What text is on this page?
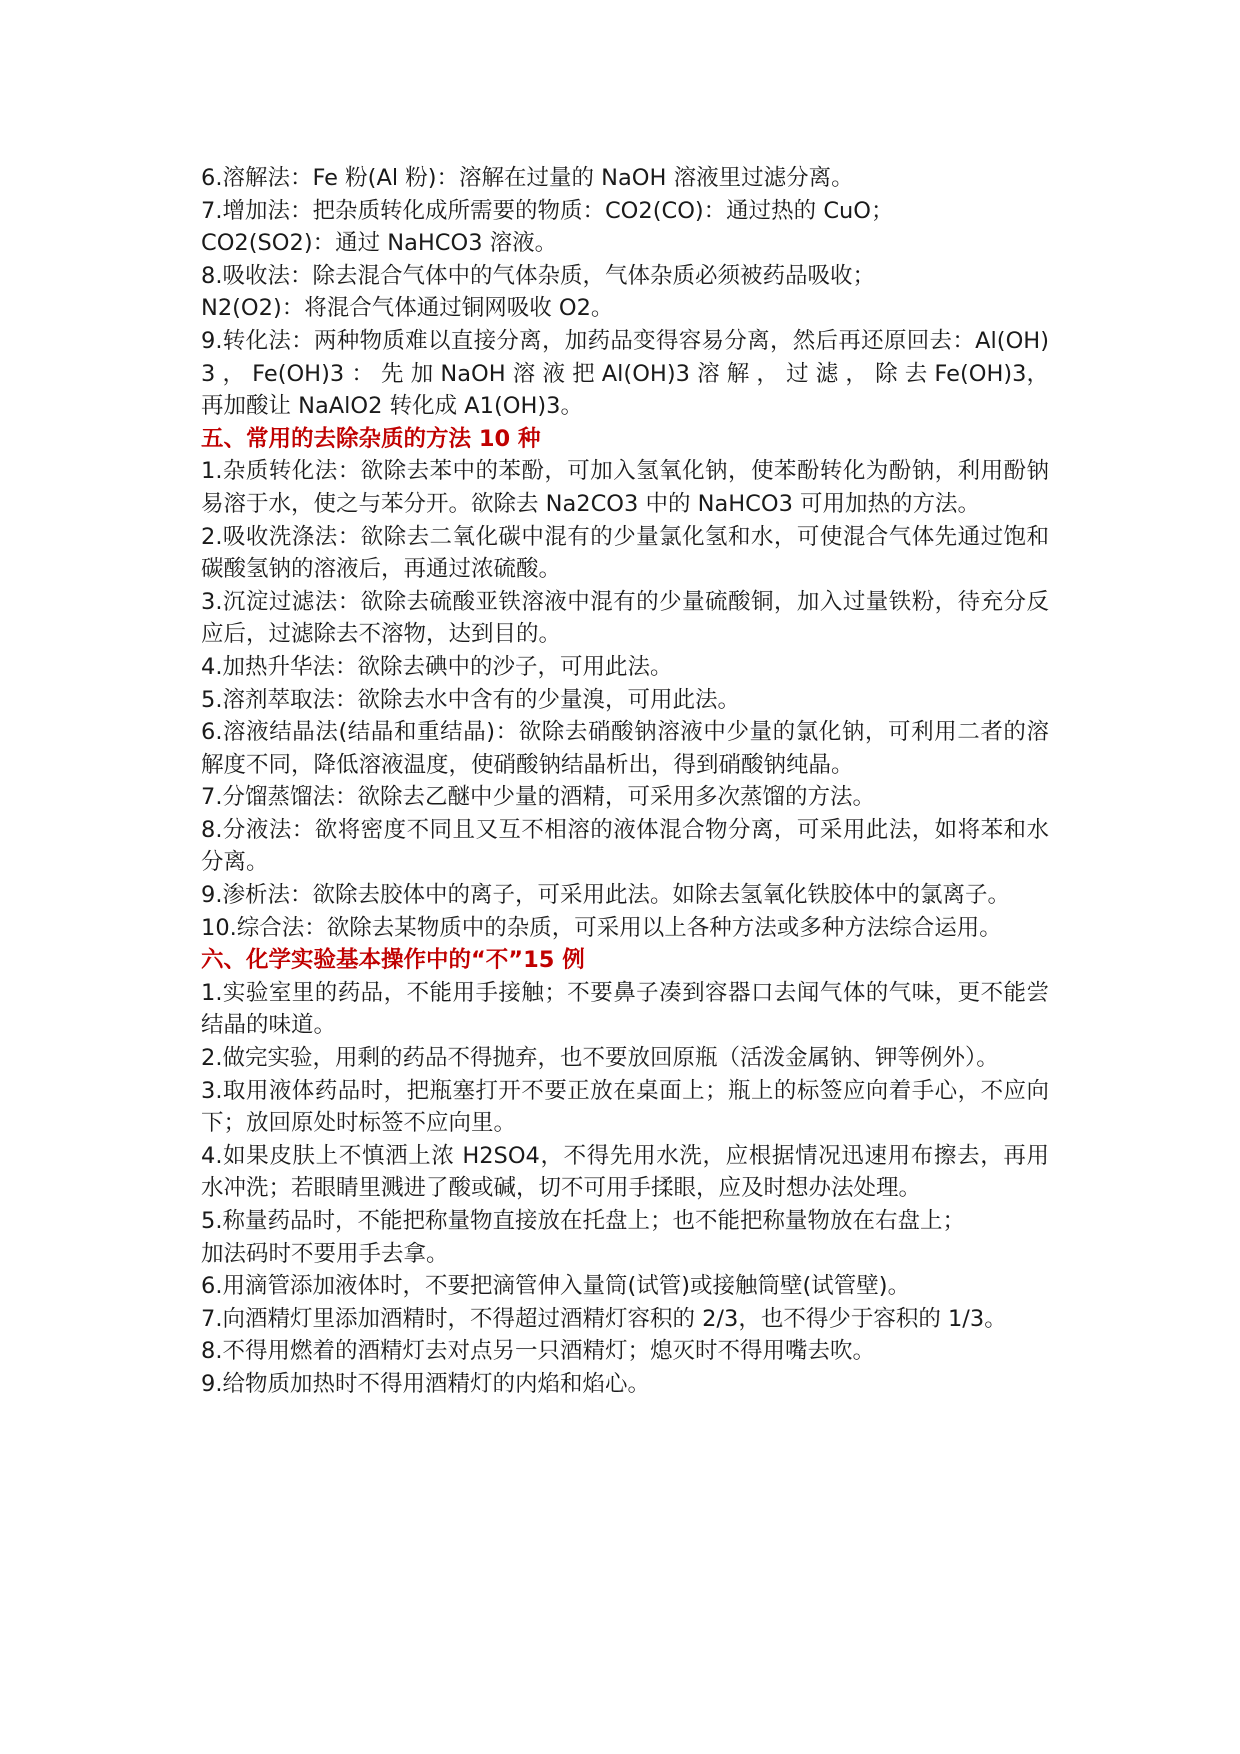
6.溶解法：Fe 粉(Al 粉)：溶解在过量的 NaOH 溶液里过滤分离。

7.增加法：把杂质转化成所需要的物质：CO2(CO)：通过热的 CuO；

CO2(SO2)：通过 NaHCO3 溶液。

8.吸收法：除去混合气体中的气体杂质，气体杂质必须被药品吸收；

N2(O2)：将混合气体通过铜网吸收 O2。

9.转化法：两种物质难以直接分离，加药品变得容易分离，然后再还原回去：Al(OH)3 ， Fe(OH)3 ： 先 加 NaOH 溶 液 把 Al(OH)3 溶 解 ， 过 滤 ， 除 去 Fe(OH)3，再加酸让 NaAlO2 转化成 A1(OH)3。

五、常用的去除杂质的方法 10 种

1.杂质转化法：欲除去苯中的苯酚，可加入氢氧化钠，使苯酚转化为酚钠，利用酚钠易溶于水，使之与苯分开。欲除去 Na2CO3 中的 NaHCO3 可用加热的方法。

2.吸收洗涤法：欲除去二氧化碳中混有的少量氯化氢和水，可使混合气体先通过饱和碳酸氢钠的溶液后，再通过浓硫酸。

3.沉淀过滤法：欲除去硫酸亚铁溶液中混有的少量硫酸铜，加入过量铁粉，待充分反应后，过滤除去不溶物，达到目的。

4.加热升华法：欲除去碘中的沙子，可用此法。

5.溶剂萃取法：欲除去水中含有的少量溴，可用此法。

6.溶液结晶法(结晶和重结晶)：欲除去硝酸钠溶液中少量的氯化钠，可利用二者的溶解度不同，降低溶液温度，使硝酸钠结晶析出，得到硝酸钠纯晶。

7.分馏蒸馏法：欲除去乙醚中少量的酒精，可采用多次蒸馏的方法。

8.分液法：欲将密度不同且又互不相溶的液体混合物分离，可采用此法，如将苯和水分离。

9.渗析法：欲除去胶体中的离子，可采用此法。如除去氢氧化铁胶体中的氯离子。

10.综合法：欲除去某物质中的杂质，可采用以上各种方法或多种方法综合运用。

六、化学实验基本操作中的“不”15 例

1.实验室里的药品，不能用手接触；不要鼻子凑到容器口去闻气体的气味，更不能尝结晶的味道。

2.做完实验，用剩的药品不得抛弃，也不要放回原瓶（活泼金属钠、钾等例外）。

3.取用液体药品时，把瓶塞打开不要正放在桌面上；瓶上的标签应向着手心，不应向下；放回原处时标签不应向里。

4.如果皮肤上不慎洒上浓 H2SO4，不得先用水洗，应根据情况迅速用布擦去，再用水冲洗；若眼睛里溅进了酸或碱，切不可用手揉眼，应及时想办法处理。

5.称量药品时，不能把称量物直接放在托盘上；也不能把称量物放在右盘上；

加法码时不要用手去拿。

6.用滴管添加液体时，不要把滴管伸入量筒(试管)或接触筒壁(试管壁)。

7.向酒精灯里添加酒精时，不得超过酒精灯容积的 2/3，也不得少于容积的 1/3。

8.不得用燃着的酒精灯去对点另一只酒精灯；熄灭时不得用嘴去吹。

9.给物质加热时不得用酒精灯的内焰和焰心。
